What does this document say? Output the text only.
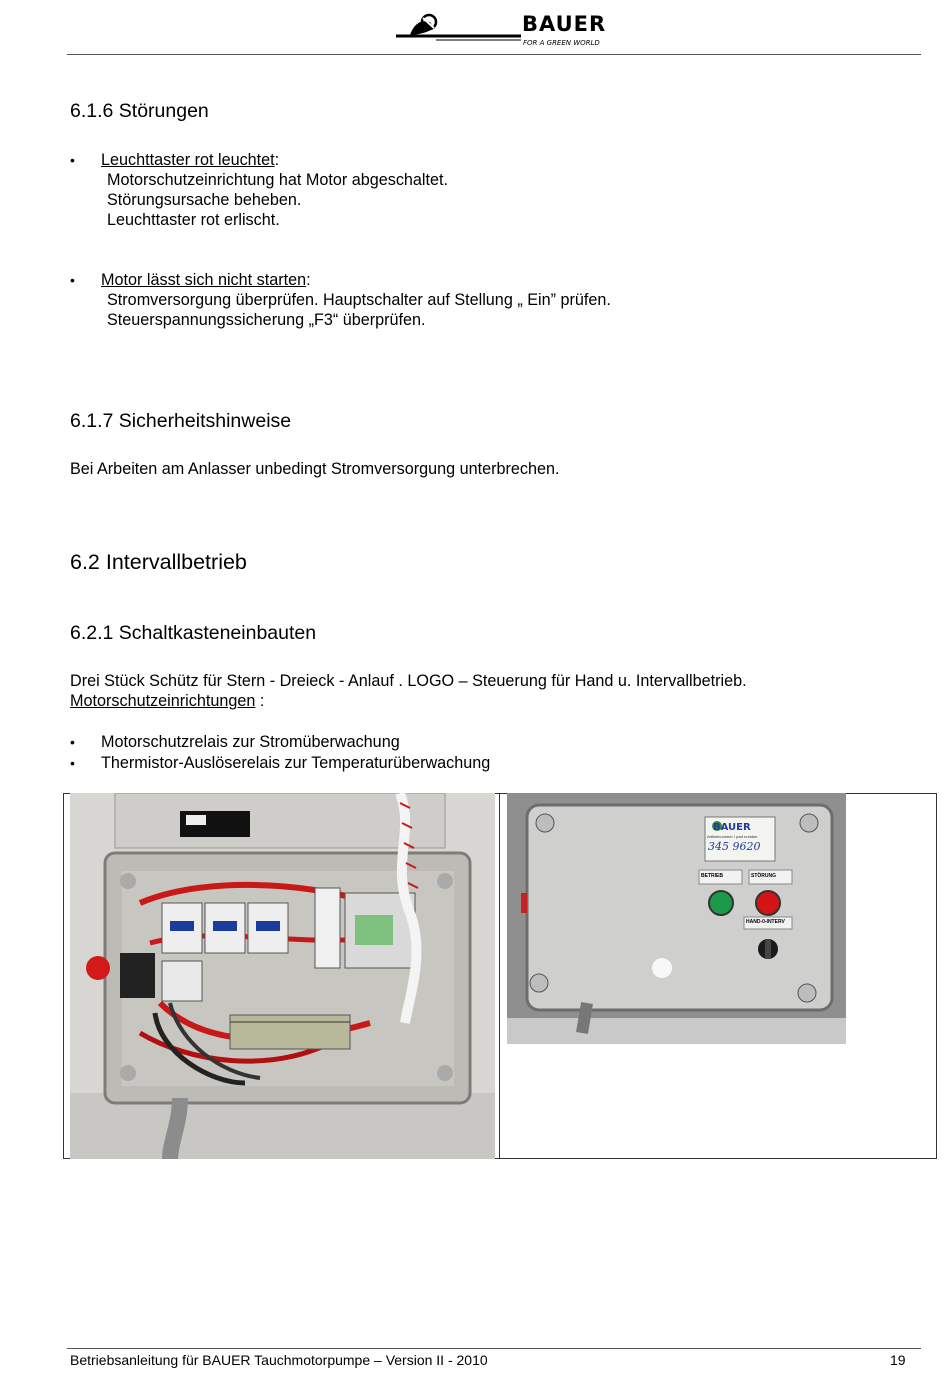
BAUER
FOR A GREEN WORLD
6.1.6 Störungen
• Leuchttaster rot leuchtet:
Motorschutzeinrichtung hat Motor abgeschaltet.
Störungsursache beheben.
Leuchttaster rot erlischt.
• Motor lässt sich nicht starten:
Stromversorgung überprüfen. Hauptschalter auf Stellung „ Ein” prüfen.
Steuerspannungssicherung „F3“ überprüfen.
6.1.7 Sicherheitshinweise
Bei Arbeiten am Anlasser unbedingt Stromversorgung unterbrechen.
6.2 Intervallbetrieb
6.2.1 Schaltkasteneinbauten
Drei Stück Schütz für Stern - Dreieck - Anlauf . LOGO – Steuerung für Hand u. Intervallbetrieb.
Motorschutzeinrichtungen :
• Motorschutzrelais zur Stromüberwachung
• Thermistor-Auslöserelais zur Temperaturüberwachung
BAUER
Artikelnummer / part number
345 9620
BETRIEB	STÖRUNG
HAND-0-INTERV
Betriebsanleitung für BAUER Tauchmotorpumpe – Version II - 2010	19
